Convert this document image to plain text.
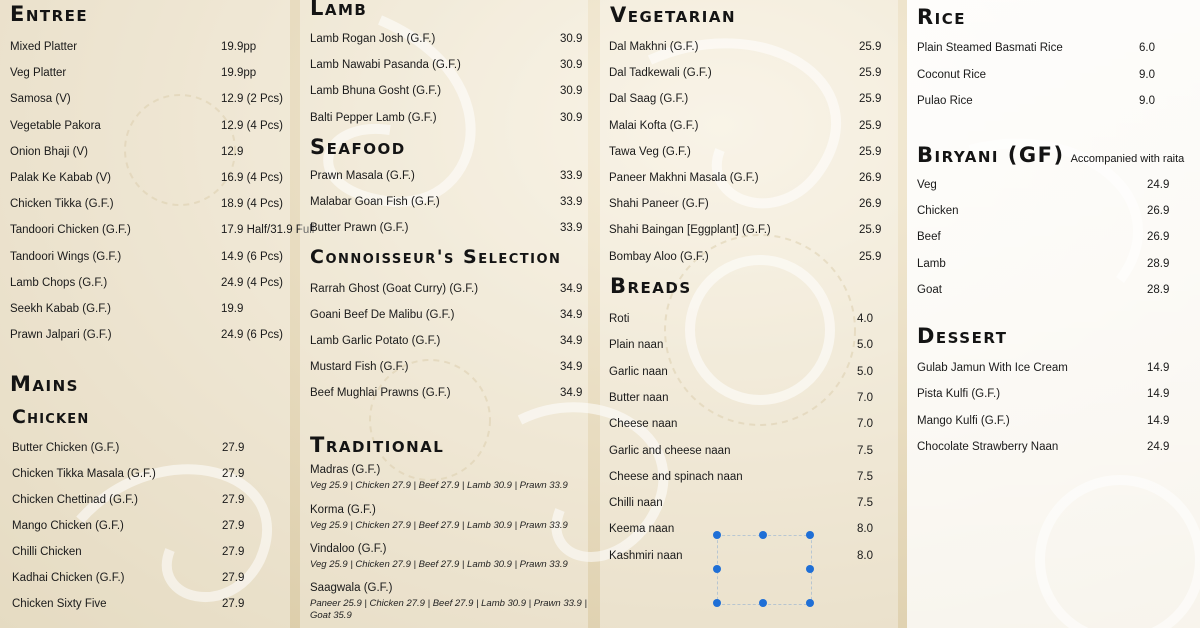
Entree
Mixed Platter	19.9pp
Veg Platter	19.9pp
Samosa (V)	12.9 (2 Pcs)
Vegetable Pakora	12.9 (4 Pcs)
Onion Bhaji (V)	12.9
Palak Ke Kabab (V)	16.9 (4 Pcs)
Chicken Tikka (G.F.)	18.9 (4 Pcs)
Tandoori Chicken (G.F.)	17.9 Half/31.9 Full
Tandoori Wings (G.F.)	14.9 (6 Pcs)
Lamb Chops (G.F.)	24.9 (4 Pcs)
Seekh Kabab (G.F.)	19.9
Prawn Jalpari (G.F.)	24.9 (6 Pcs)
Mains
Chicken
Butter Chicken (G.F.)	27.9
Chicken Tikka Masala (G.F.)	27.9
Chicken Chettinad (G.F.)	27.9
Mango Chicken (G.F.)	27.9
Chilli Chicken	27.9
Kadhai Chicken (G.F.)	27.9
Chicken Sixty Five	27.9
Lamb
Lamb Rogan Josh (G.F.)	30.9
Lamb Nawabi Pasanda (G.F.)	30.9
Lamb Bhuna Gosht (G.F.)	30.9
Balti Pepper Lamb (G.F.)	30.9
Seafood
Prawn Masala (G.F.)	33.9
Malabar Goan Fish (G.F.)	33.9
Butter Prawn (G.F.)	33.9
Connoisseur's Selection
Rarrah Ghost (Goat Curry) (G.F.)	34.9
Goani Beef De Malibu (G.F.)	34.9
Lamb Garlic Potato (G.F.)	34.9
Mustard Fish (G.F.)	34.9
Beef Mughlai Prawns (G.F.)	34.9
Traditional
Madras (G.F.)
Veg 25.9 | Chicken 27.9 | Beef 27.9 | Lamb 30.9 | Prawn 33.9
Korma (G.F.)
Veg 25.9 | Chicken 27.9 | Beef 27.9 | Lamb 30.9 | Prawn 33.9
Vindaloo (G.F.)
Veg 25.9 | Chicken 27.9 | Beef 27.9 | Lamb 30.9 | Prawn 33.9
Saagwala (G.F.)
Paneer 25.9 | Chicken 27.9 | Beef 27.9 | Lamb 30.9 | Prawn 33.9 | Goat 35.9
Vegetarian
Dal Makhni (G.F.)	25.9
Dal Tadkewali (G.F.)	25.9
Dal Saag (G.F.)	25.9
Malai Kofta (G.F.)	25.9
Tawa Veg (G.F.)	25.9
Paneer Makhni Masala (G.F.)	26.9
Shahi Paneer (G.F)	26.9
Shahi Baingan [Eggplant] (G.F.)	25.9
Bombay Aloo (G.F.)	25.9
Breads
Roti	4.0
Plain naan	5.0
Garlic naan	5.0
Butter naan	7.0
Cheese naan	7.0
Garlic and cheese naan	7.5
Cheese and spinach naan	7.5
Chilli naan	7.5
Keema naan	8.0
Kashmiri naan	8.0
Rice
Plain Steamed Basmati Rice	6.0
Coconut Rice	9.0
Pulao Rice	9.0
Biryani (GF) Accompanied with raita
Veg	24.9
Chicken	26.9
Beef	26.9
Lamb	28.9
Goat	28.9
Dessert
Gulab Jamun With Ice Cream	14.9
Pista Kulfi (G.F.)	14.9
Mango Kulfi (G.F.)	14.9
Chocolate Strawberry Naan	24.9
